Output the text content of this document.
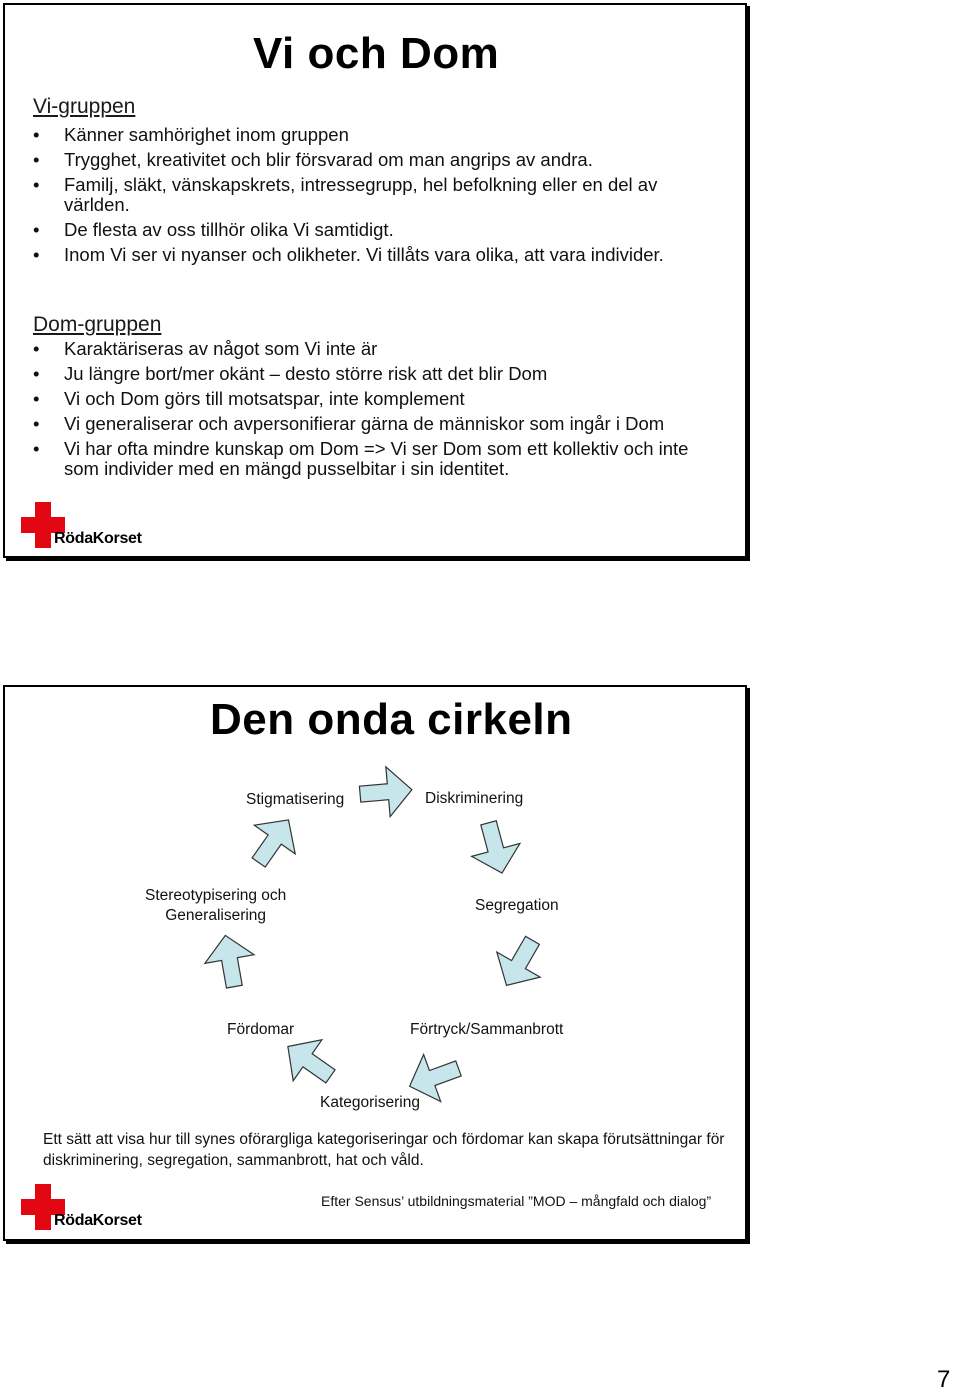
Vi och Dom
Vi-gruppen
• Känner samhörighet inom gruppen
• Trygghet, kreativitet och blir försvarad om man angrips av andra.
• Familj, släkt, vänskapskrets, intressegrupp, hel befolkning eller en del av världen.
• De flesta av oss tillhör olika Vi samtidigt.
• Inom Vi ser vi nyanser och olikheter. Vi tillåts vara olika, att vara individer.
Dom-gruppen
• Karaktäriseras av något som Vi inte är
• Ju längre bort/mer okänt – desto större risk att det blir Dom
• Vi och Dom görs till motsatspar, inte komplement
• Vi generaliserar och avpersonifierar gärna de människor som ingår i Dom
• Vi har ofta mindre kunskap om Dom => Vi ser Dom som ett kollektiv och inte som individer med en mängd pusselbitar i sin identitet.
RödaKorset
Den onda cirkeln
Stigmatisering	Diskriminering
Segregation
Förtryck/Sammanbrott
Kategorisering
Fördomar
Stereotypisering och
Generalisering

Ett sätt att visa hur till synes oförargliga kategoriseringar och fördomar kan skapa förutsättningar för diskriminering, segregation, sammanbrott, hat och våld.

Efter Sensus’ utbildningsmaterial ”MOD – mångfald och dialog”
RödaKorset
7
